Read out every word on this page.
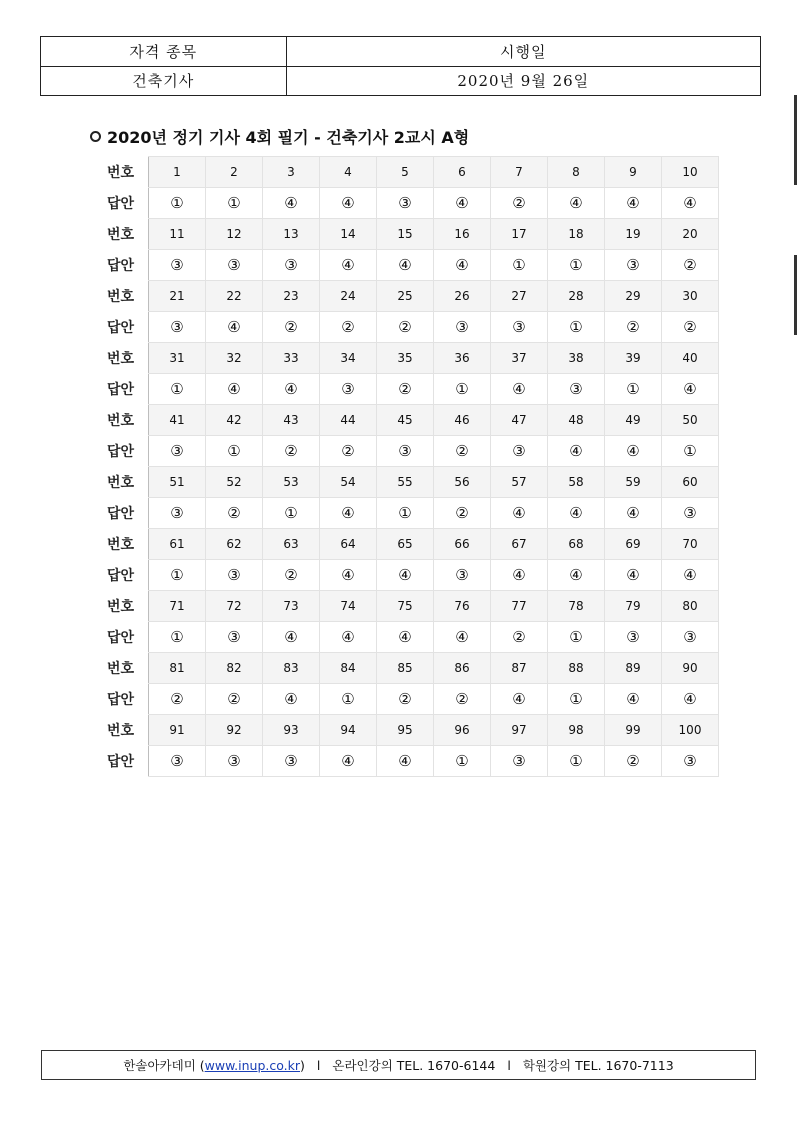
자격 종목	시행일
건축기사	2020년 9월 26일
2020년 정기 기사 4회 필기 - 건축기사 2교시 A형
번호	1	2	3	4	5	6	7	8	9	10
답안	①	①	④	④	③	④	②	④	④	④
번호	11	12	13	14	15	16	17	18	19	20
답안	③	③	③	④	④	④	①	①	③	②
번호	21	22	23	24	25	26	27	28	29	30
답안	③	④	②	②	②	③	③	①	②	②
번호	31	32	33	34	35	36	37	38	39	40
답안	①	④	④	③	②	①	④	③	①	④
번호	41	42	43	44	45	46	47	48	49	50
답안	③	①	②	②	③	②	③	④	④	①
번호	51	52	53	54	55	56	57	58	59	60
답안	③	②	①	④	①	②	④	④	④	③
번호	61	62	63	64	65	66	67	68	69	70
답안	①	③	②	④	④	③	④	④	④	④
번호	71	72	73	74	75	76	77	78	79	80
답안	①	③	④	④	④	④	②	①	③	③
번호	81	82	83	84	85	86	87	88	89	90
답안	②	②	④	①	②	②	④	①	④	④
번호	91	92	93	94	95	96	97	98	99	100
답안	③	③	③	④	④	①	③	①	②	③
한솔아카데미 (www.inup.co.kr) l 온라인강의 TEL. 1670-6144 l 학원강의 TEL. 1670-7113
